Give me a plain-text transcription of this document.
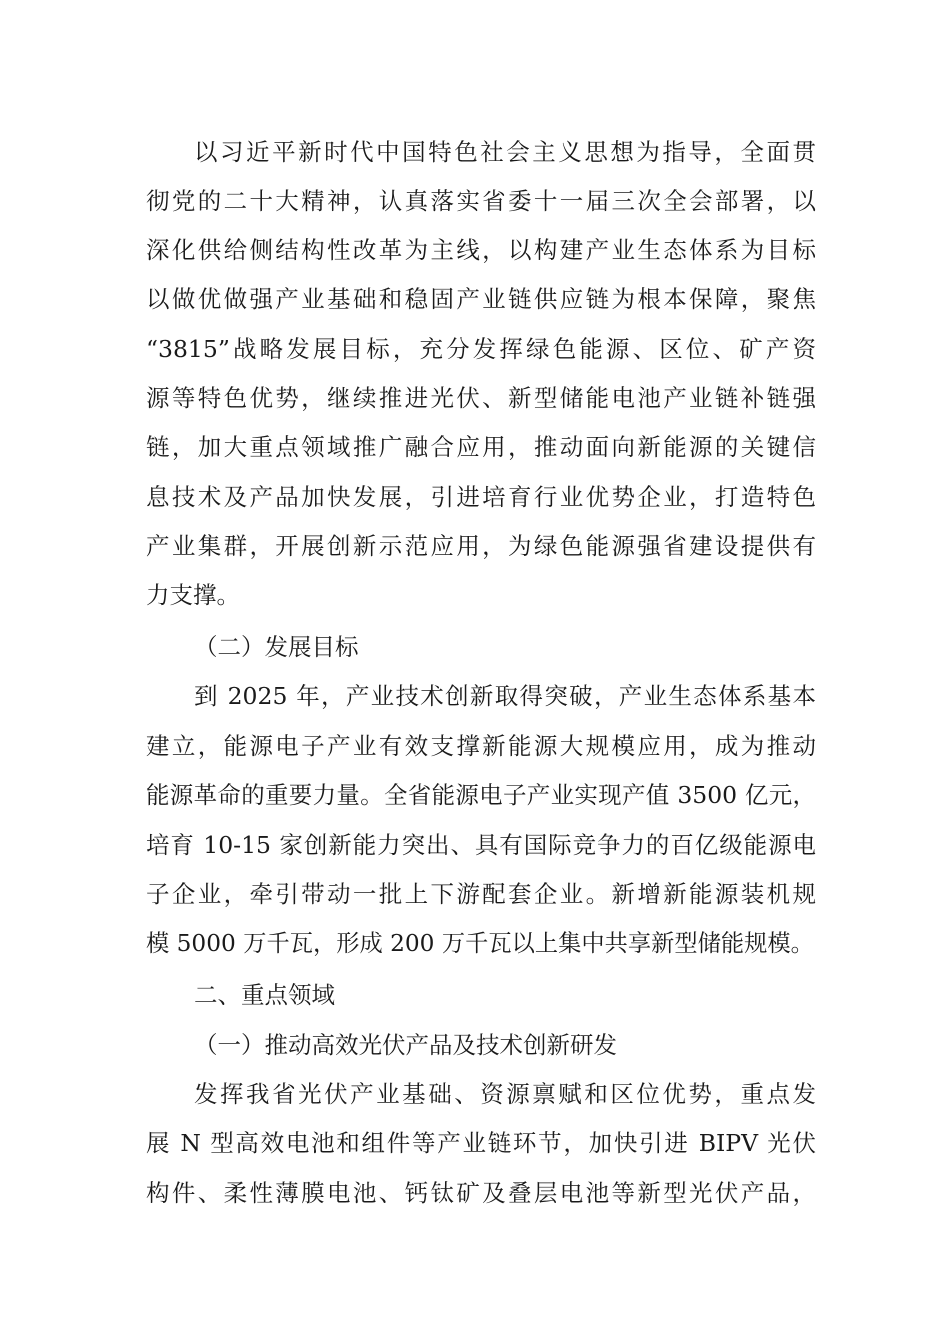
以习近平新时代中国特色社会主义思想为指导，全面贯
彻党的二十大精神，认真落实省委十一届三次全会部署，以
深化供给侧结构性改革为主线，以构建产业生态体系为目标
以做优做强产业基础和稳固产业链供应链为根本保障，聚焦
“3815”战略发展目标，充分发挥绿色能源、区位、矿产资
源等特色优势，继续推进光伏、新型储能电池产业链补链强
链，加大重点领域推广融合应用，推动面向新能源的关键信
息技术及产品加快发展，引进培育行业优势企业，打造特色
产业集群，开展创新示范应用，为绿色能源强省建设提供有
力支撑。
（二）发展目标
到 2025 年，产业技术创新取得突破，产业生态体系基本
建立，能源电子产业有效支撑新能源大规模应用，成为推动
能源革命的重要力量。全省能源电子产业实现产值 3500 亿元，
培育 10-15 家创新能力突出、具有国际竞争力的百亿级能源电
子企业，牵引带动一批上下游配套企业。新增新能源装机规
模 5000 万千瓦，形成 200 万千瓦以上集中共享新型储能规模。
二、重点领域
（一）推动高效光伏产品及技术创新研发
发挥我省光伏产业基础、资源禀赋和区位优势，重点发
展 N 型高效电池和组件等产业链环节，加快引进 BIPV 光伏
构件、柔性薄膜电池、钙钛矿及叠层电池等新型光伏产品，
